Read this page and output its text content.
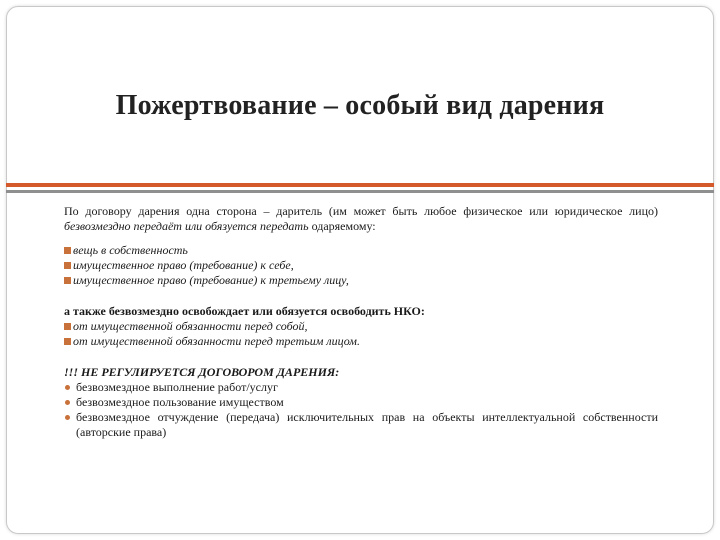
Пожертвование – особый вид дарения
По договору дарения одна сторона – даритель (им может быть любое физическое или юридическое лицо) безвозмездно передаёт или обязуется передать одаряемому:
вещь в собственность
имущественное право (требование) к себе,
имущественное право (требование) к третьему лицу,
а также безвозмездно освобождает или обязуется освободить НКО:
от имущественной обязанности перед собой,
от имущественной обязанности перед третьим лицом.
!!! НЕ РЕГУЛИРУЕТСЯ ДОГОВОРОМ ДАРЕНИЯ:
безвозмездное выполнение работ/услуг
безвозмездное пользование имуществом
безвозмездное отчуждение (передача) исключительных прав на объекты интеллектуальной собственности (авторские права)
